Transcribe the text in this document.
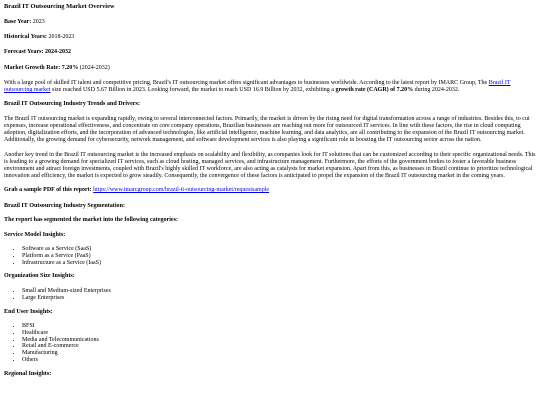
Brazil IT Outsourcing Market Overview
Base Year: 2023
Historical Years: 2018-2023
Forecast Years: 2024-2032
Market Growth Rate: 7.20% (2024-2032)

With a large pool of skilled IT talent and competitive pricing, Brazil's IT outsourcing market offers significant advantages to businesses worldwide. According to the latest report by IMARC Group, The Brazil IT outsourcing market size reached USD 5.67 Billion in 2023. Looking forward, the market to reach USD 16.9 Billion by 2032, exhibiting a growth rate (CAGR) of 7.20% during 2024-2032.

Brazil IT Outsourcing Industry Trends and Drivers:

The Brazil IT outsourcing market is expanding rapidly, owing to several interconnected factors. Primarily, the market is driven by the rising need for digital transformation across a range of industries. Besides this, to cut expenses, increase operational effectiveness, and concentrate on core company operations, Brazilian businesses are reaching out more for outsourced IT services. In line with these factors, the rise in cloud computing adoption, digitalization efforts, and the incorporation of advanced technologies, like artificial intelligence, machine learning, and data analytics, are all contributing to the expansion of the Brazil IT outsourcing market. Additionally, the growing demand for cybersecurity, network management, and software development services is also playing a significant role in boosting the IT outsourcing sector across the nation.

Another key trend in the Brazil IT outsourcing market is the increased emphasis on scalability and flexibility, as companies look for IT solutions that can be customized according to their specific organizational needs. This is leading to a growing demand for specialized IT services, such as cloud hosting, managed services, and infrastructure management. Furthermore, the efforts of the government bodies to foster a favorable business environment and attract foreign investments, coupled with Brazil's highly skilled IT workforce, are also acting as catalysts for market expansion. Apart from this, as businesses in Brazil continue to prioritize technological innovation and efficiency, the market is expected to grow steadily. Consequently, the convergence of these factors is anticipated to propel the expansion of the Brazil IT outsourcing market in the coming years.

Grab a sample PDF of this report: https://www.imarcgroup.com/brazil-it-outsourcing-market/requestsample
Brazil IT Outsourcing Industry Segmentation:
The report has segmented the market into the following categories:
Service Model Insights:
• Software as a Service (SaaS)
• Platform as a Service (PaaS)
• Infrastructure as a Service (IaaS)
Organization Size Insights:
• Small and Medium-sized Enterprises
• Large Enterprises
End User Insights:
• BFSI
• Healthcare
• Media and Telecommunications
• Retail and E-commerce
• Manufacturing
• Others
Regional Insights:
